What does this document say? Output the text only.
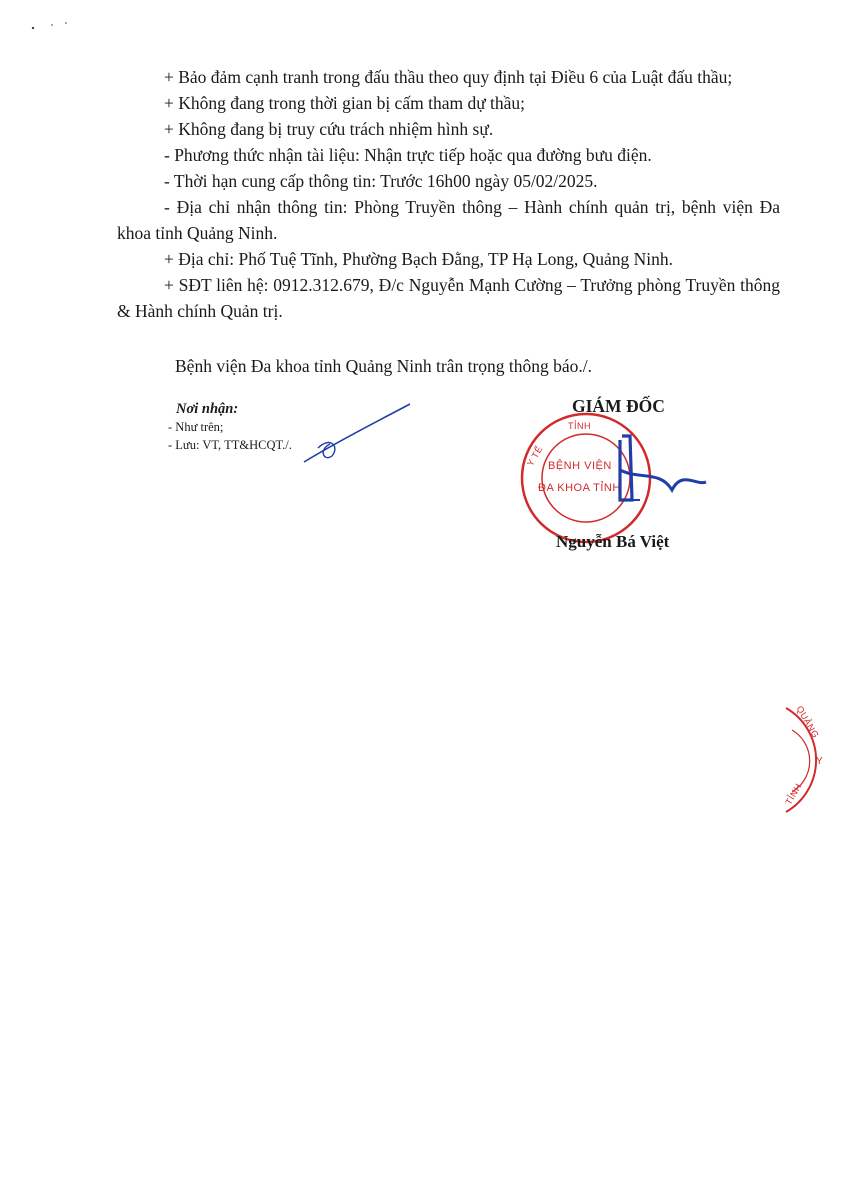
+ Bảo đảm cạnh tranh trong đấu thầu theo quy định tại Điều 6 của Luật đấu thầu;

+ Không đang trong thời gian bị cấm tham dự thầu;

+ Không đang bị truy cứu trách nhiệm hình sự.

- Phương thức nhận tài liệu: Nhận trực tiếp hoặc qua đường bưu điện.

- Thời hạn cung cấp thông tin: Trước 16h00 ngày 05/02/2025.

- Địa chỉ nhận thông tin: Phòng Truyền thông – Hành chính quản trị, bệnh viện Đa khoa tỉnh Quảng Ninh.

+ Địa chỉ: Phố Tuệ Tĩnh, Phường Bạch Đằng, TP Hạ Long, Quảng Ninh.

+ SĐT liên hệ: 0912.312.679, Đ/c Nguyễn Mạnh Cường – Trưởng phòng Truyền thông & Hành chính Quản trị.

Bệnh viện Đa khoa tỉnh Quảng Ninh trân trọng thông báo./.
Nơi nhận:
- Như trên;
- Lưu: VT, TT&HCQT./.
GIÁM ĐỐC
TỈNH
Y TẾ BỆNH VIỆN
ĐA KHOA TỈNH
Nguyễn Bá Việt
QUẢNG
Y
TỈNH
